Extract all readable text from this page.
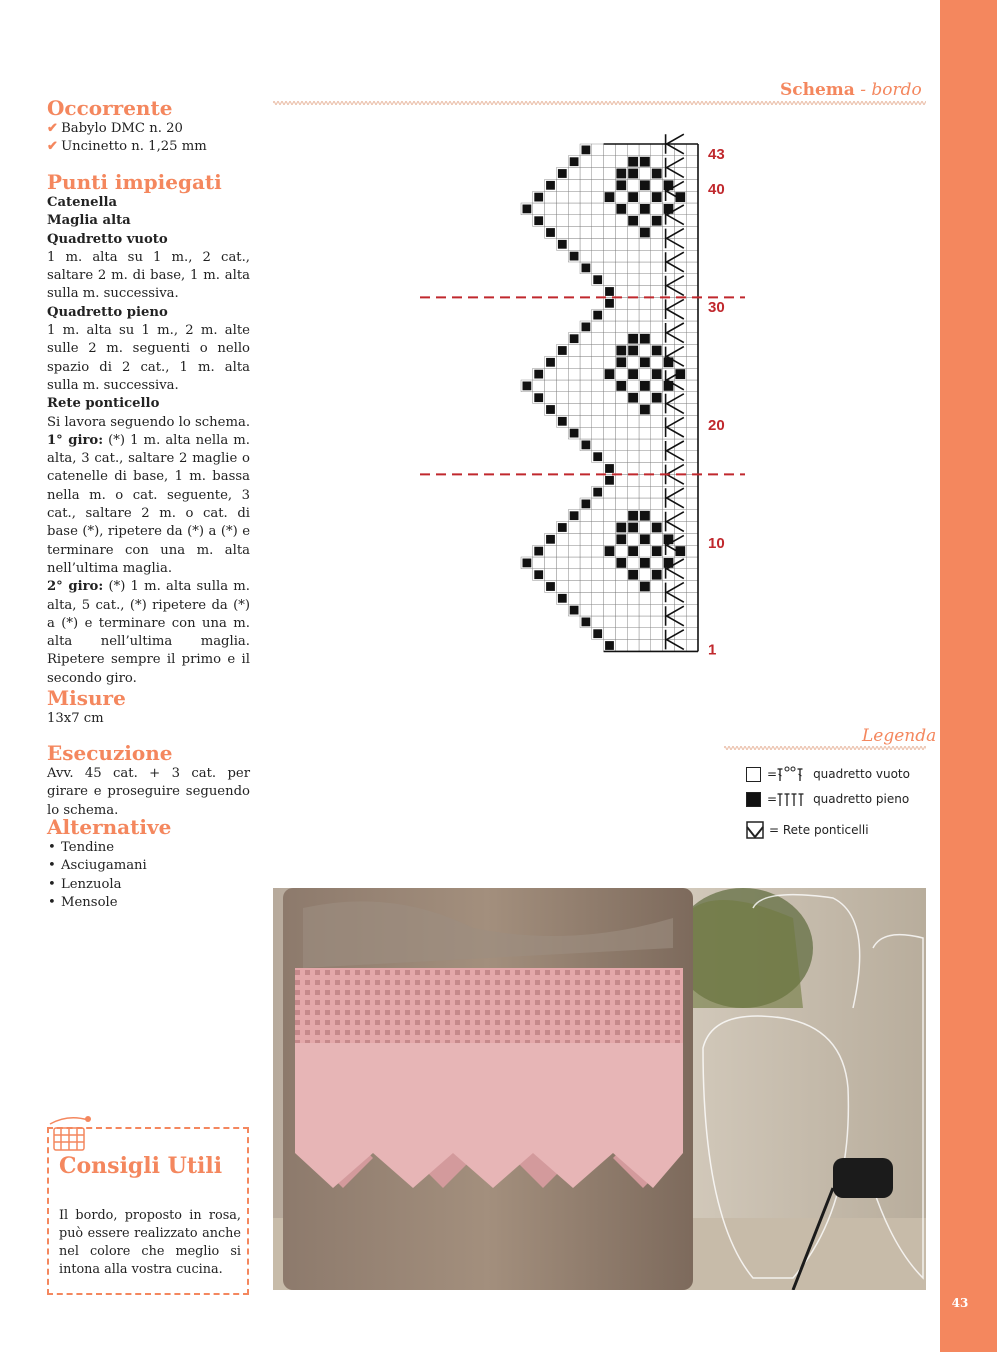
43
Occorrente

✔ Babylo DMC n. 20

✔ Uncinetto n. 1,25 mm

Punti impiegati

Catenella

Maglia alta

Quadretto vuoto

1 m. alta su 1 m., 2 cat., saltare 2 m. di base, 1 m. alta sulla m. successiva.

Quadretto pieno

1 m. alta su 1 m., 2 m. alte sulle 2 m. seguenti o nello spazio di 2 cat., 1 m. alta sulla m. successiva.

Rete ponticello

Si lavora seguendo lo schema.

1° giro: (*) 1 m. alta nella m. alta, 3 cat., saltare 2 maglie o catenelle di base, 1 m. bassa nella m. o cat. seguente, 3 cat., saltare 2 m. o cat. di base (*), ripetere da (*) a (*) e terminare con una m. alta nell’ultima maglia.

2° giro: (*) 1 m. alta sulla m. alta, 5 cat., (*) ripetere da (*) a (*) e terminare con una m. alta nell’ultima maglia. Ripetere sempre il primo e il secondo giro.

Misure

13x7 cm

Esecuzione

Avv. 45 cat. + 3 cat. per girare e proseguire seguendo lo schema.

Alternative
• Tendine
• Asciugamani
• Lenzuola
• Mensole
Schema - bordo
43
40
30
20
10
1
Legenda
=	quadretto vuoto
=	quadretto pieno
= Rete ponticelli
Consigli Utili
Il bordo, proposto in rosa, può essere realizzato anche nel colore che meglio si intona alla vostra cucina.
